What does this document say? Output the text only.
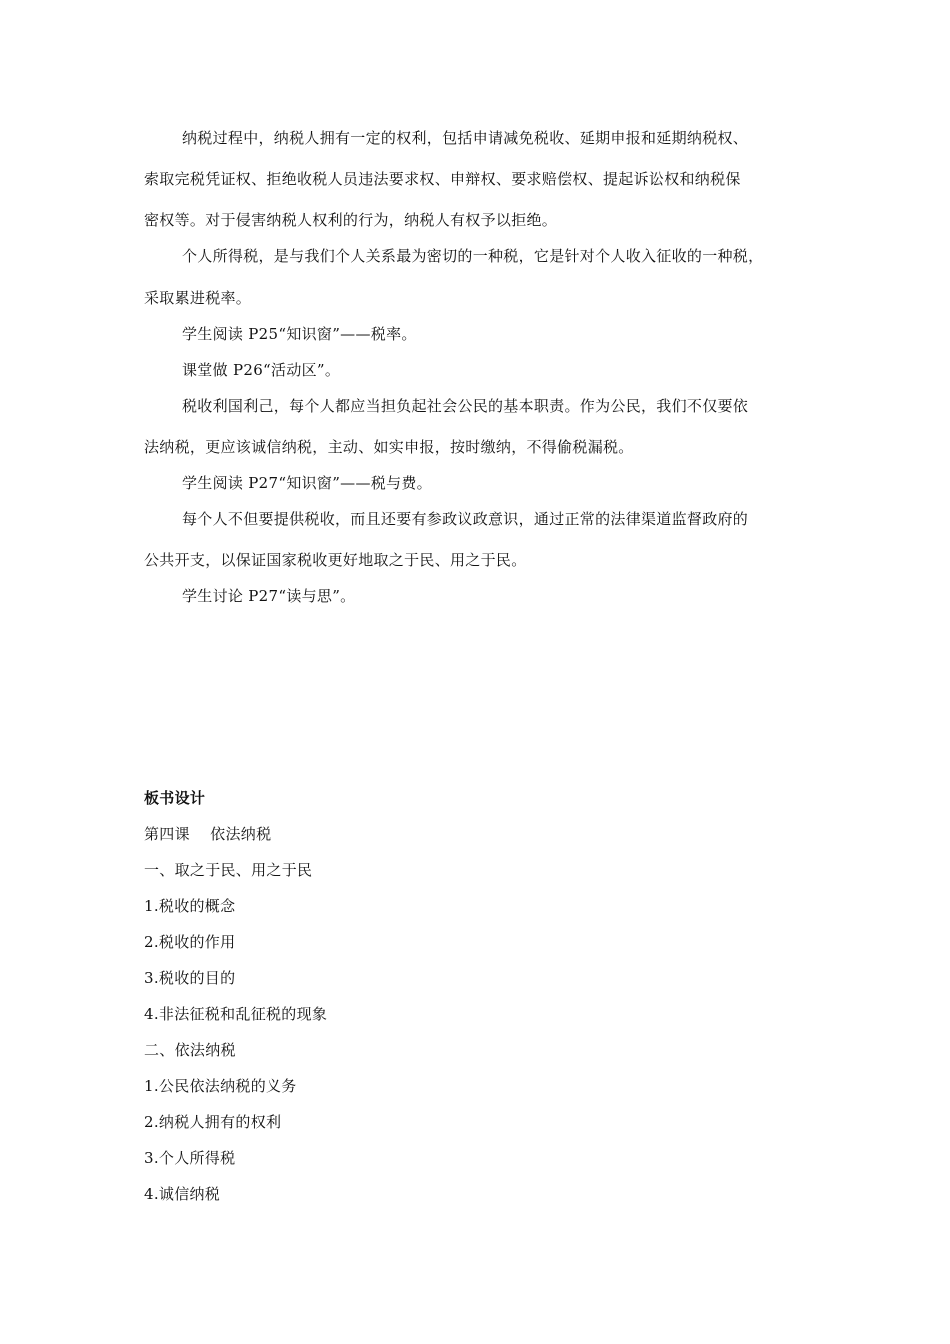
纳税过程中，纳税人拥有一定的权利，包括申请减免税收、延期申报和延期纳税权、
索取完税凭证权、拒绝收税人员违法要求权、申辩权、要求赔偿权、提起诉讼权和纳税保
密权等。对于侵害纳税人权利的行为，纳税人有权予以拒绝。
个人所得税，是与我们个人关系最为密切的一种税，它是针对个人收入征收的一种税，
采取累进税率。
学生阅读 P25“知识窗”——税率。
课堂做 P26“活动区”。
税收利国利己，每个人都应当担负起社会公民的基本职责。作为公民，我们不仅要依
法纳税，更应该诚信纳税，主动、如实申报，按时缴纳，不得偷税漏税。
学生阅读 P27“知识窗”——税与费。
每个人不但要提供税收，而且还要有参政议政意识，通过正常的法律渠道监督政府的
公共开支，以保证国家税收更好地取之于民、用之于民。
学生讨论 P27“读与思”。
板书设计
第四课    依法纳税
一、取之于民、用之于民
1.税收的概念
2.税收的作用
3.税收的目的
4.非法征税和乱征税的现象
二、依法纳税
1.公民依法纳税的义务
2.纳税人拥有的权利
3.个人所得税
4.诚信纳税
